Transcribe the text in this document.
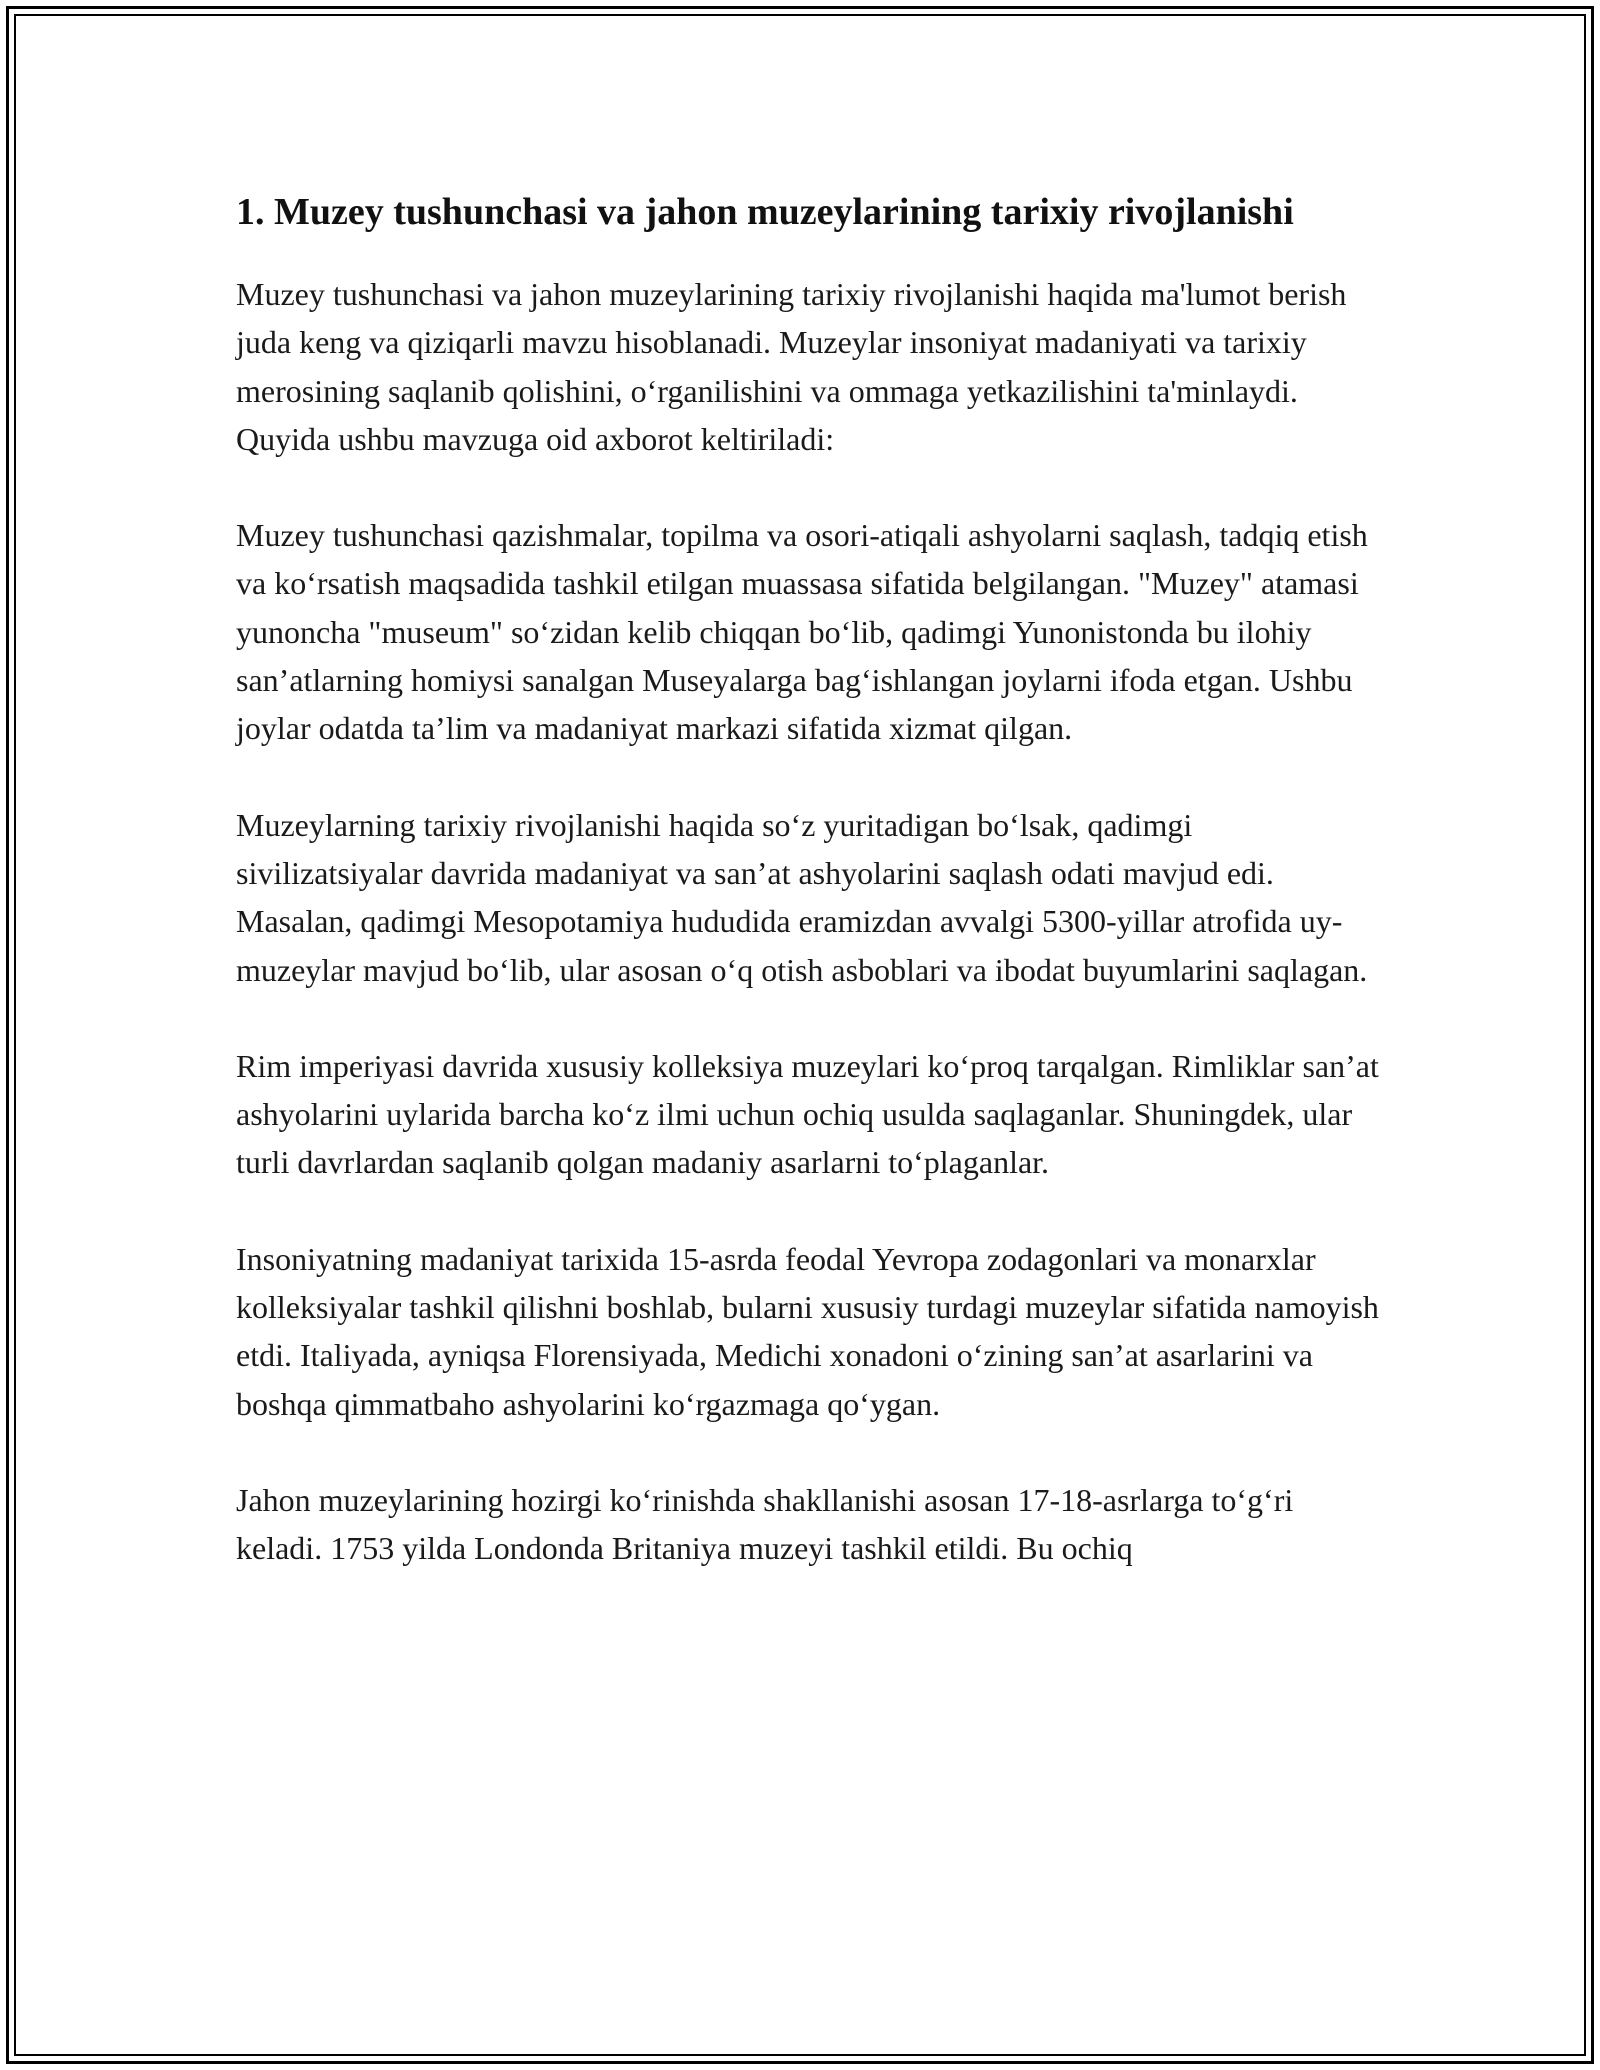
1. Muzey tushunchasi va jahon muzeylarining tarixiy rivojlanishi

Muzey tushunchasi va jahon muzeylarining tarixiy rivojlanishi haqida ma'lumot berish juda keng va qiziqarli mavzu hisoblanadi. Muzeylar insoniyat madaniyati va tarixiy merosining saqlanib qolishini, oʻrganilishini va ommaga yetkazilishini ta'minlaydi. Quyida ushbu mavzuga oid axborot keltiriladi:

Muzey tushunchasi qazishmalar, topilma va osori-atiqali ashyolarni saqlash, tadqiq etish va koʻrsatish maqsadida tashkil etilgan muassasa sifatida belgilangan. "Muzey" atamasi yunoncha "museum" soʻzidan kelib chiqqan boʻlib, qadimgi Yunonistonda bu ilohiy san’atlarning homiysi sanalgan Museyalarga bagʻishlangan joylarni ifoda etgan. Ushbu joylar odatda ta’lim va madaniyat markazi sifatida xizmat qilgan.

Muzeylarning tarixiy rivojlanishi haqida soʻz yuritadigan boʻlsak, qadimgi sivilizatsiyalar davrida madaniyat va san’at ashyolarini saqlash odati mavjud edi. Masalan, qadimgi Mesopotamiya hududida eramizdan avvalgi 5300-yillar atrofida uy-muzeylar mavjud boʻlib, ular asosan oʻq otish asboblari va ibodat buyumlarini saqlagan.

Rim imperiyasi davrida xususiy kolleksiya muzeylari koʻproq tarqalgan. Rimliklar san’at ashyolarini uylarida barcha koʻz ilmi uchun ochiq usulda saqlaganlar. Shuningdek, ular turli davrlardan saqlanib qolgan madaniy asarlarni toʻplaganlar.

Insoniyatning madaniyat tarixida 15-asrda feodal Yevropa zodagonlari va monarxlar kolleksiyalar tashkil qilishni boshlab, bularni xususiy turdagi muzeylar sifatida namoyish etdi. Italiyada, ayniqsa Florensiyada, Medichi xonadoni oʻzining san’at asarlarini va boshqa qimmatbaho ashyolarini koʻrgazmaga qoʻygan.

Jahon muzeylarining hozirgi koʻrinishda shakllanishi asosan 17-18-asrlarga toʻgʻri keladi. 1753 yilda Londonda Britaniya muzeyi tashkil etildi. Bu ochiq
